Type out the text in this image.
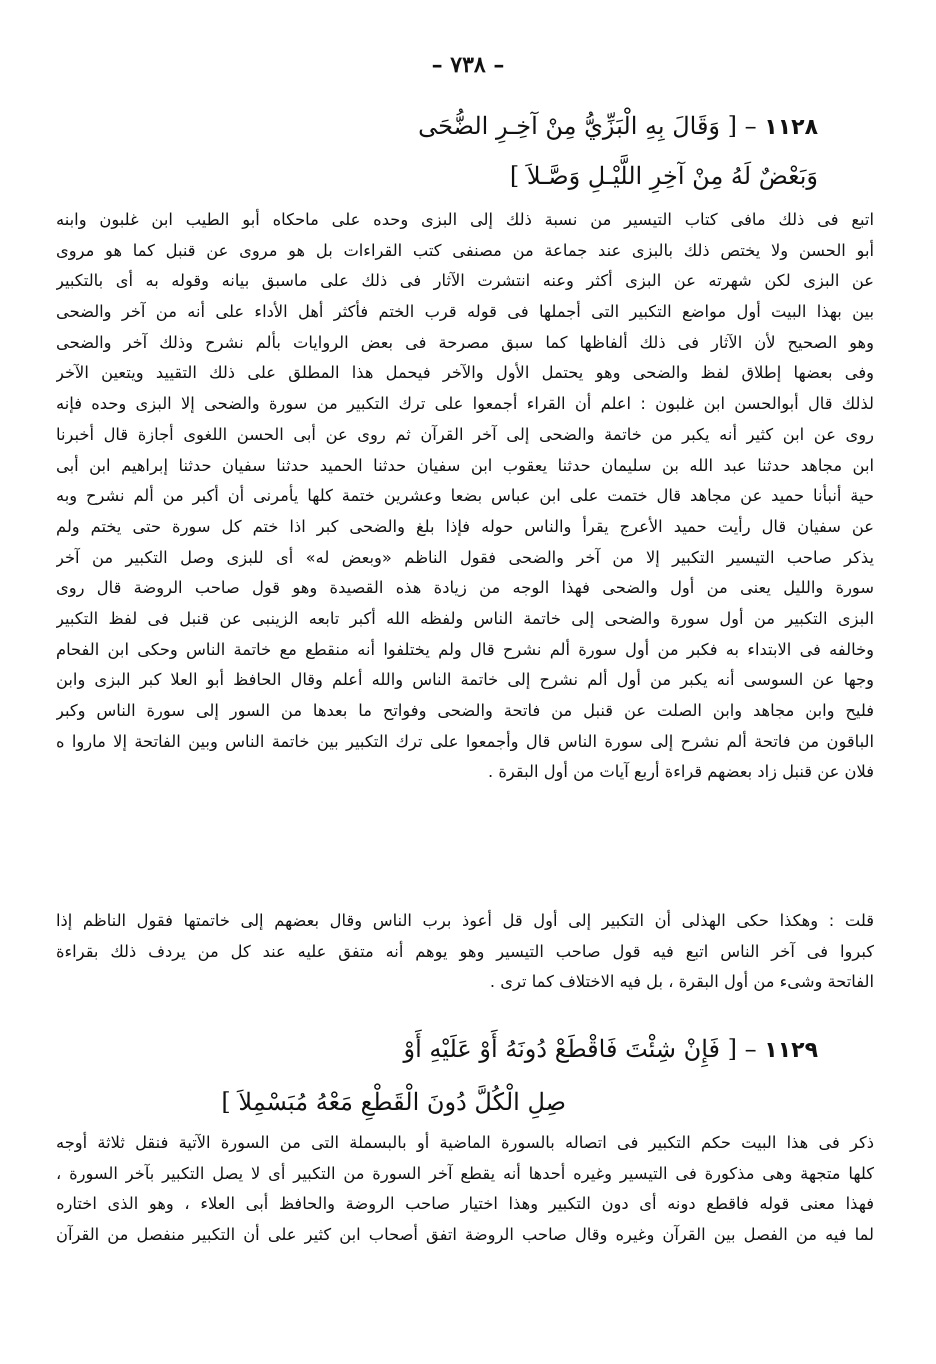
– ٧٣٨ –
١١٢٨ – [ وَقَالَ بِهِ الْبَزِّيُّ مِنْ آخِـرِ الضُّحَى
وَبَعْضٌ لَهُ مِنْ آخِرِ اللَّيْـلِ وَصَّـلاَ ]
اتبع فى ذلك مافى كتاب التيسير من نسبة ذلك إلى البزى وحده على ماحكاه أبو الطيب ابن غلبون وابنه
أبو الحسن ولا يختص ذلك بالبزى عند جماعة من مصنفى كتب القراءات بل هو مروى عن قنبل كما هو مروى
عن البزى لكن شهرته عن البزى أكثر وعنه انتشرت الآثار فى ذلك على ماسبق بيانه وقوله به أى بالتكبير
بين بهذا البيت أول مواضع التكبير التى أجملها فى قوله قرب الختم فأكثر أهل الأداء على أنه من آخر والضحى
وهو الصحيح لأن الآثار فى ذلك ألفاظها كما سبق مصرحة فى بعض الروايات بألم نشرح وذلك آخر والضحى
وفى بعضها إطلاق لفظ والضحى وهو يحتمل الأول والآخر فيحمل هذا المطلق على ذلك التقييد ويتعين الآخر
لذلك قال أبوالحسن ابن غلبون : اعلم أن القراء أجمعوا على ترك التكبير من سورة والضحى إلا البزى وحده فإنه
روى عن ابن كثير أنه يكبر من خاتمة والضحى إلى آخر القرآن ثم روى عن أبى الحسن اللغوى أجازة قال أخبرنا
ابن مجاهد حدثنا عبد الله بن سليمان حدثنا يعقوب ابن سفيان حدثنا الحميد حدثنا سفيان حدثنا إبراهيم ابن أبى
حية أنبأنا حميد عن مجاهد قال ختمت على ابن عباس بضعا وعشرين ختمة كلها يأمرنى أن أكبر من ألم نشرح وبه
عن سفيان قال رأيت حميد الأعرج يقرأ والناس حوله فإذا بلغ والضحى كبر اذا ختم كل سورة حتى يختم ولم
يذكر صاحب التيسير التكبير إلا من آخر والضحى فقول الناظم «وبعض له» أى للبزى وصل التكبير من آخر
سورة والليل يعنى من أول والضحى فهذا الوجه من زيادة هذه القصيدة وهو قول صاحب الروضة قال روى
البزى التكبير من أول سورة والضحى إلى خاتمة الناس ولفظه الله أكبر تابعه الزينبى عن قنبل فى لفظ التكبير
وخالفه فى الابتداء به فكبر من أول سورة ألم نشرح قال ولم يختلفوا أنه منقطع مع خاتمة الناس وحكى ابن الفحام
وجها عن السوسى أنه يكبر من أول ألم نشرح إلى خاتمة الناس والله أعلم وقال الحافظ أبو العلا كبر البزى وابن
فليح وابن مجاهد وابن الصلت عن قنبل من فاتحة والضحى وفواتح ما بعدها من السور إلى سورة الناس وكبر
الباقون من فاتحة ألم نشرح إلى سورة الناس قال وأجمعوا على ترك التكبير بين خاتمة الناس وبين الفاتحة إلا ماروا ه
فلان عن قنبل زاد بعضهم قراءة أربع آيات من أول البقرة .
قلت : وهكذا حكى الهذلى أن التكبير إلى أول قل أعوذ برب الناس وقال بعضهم إلى خاتمتها فقول الناظم إذا
كبروا فى آخر الناس اتبع فيه قول صاحب التيسير وهو يوهم أنه متفق عليه عند كل من يردف ذلك بقراءة
الفاتحة وشىء من أول البقرة ، بل فيه الاختلاف كما ترى .
١١٢٩ – [ فَإِنْ شِئْتَ فَاقْطَعْ دُونَهُ أَوْ عَلَيْهِ أَوْ
صِلِ الْكُلَّ دُونَ الْقَطْعِ مَعْهُ مُبَسْمِلاَ ]
ذكر فى هذا البيت حكم التكبير فى اتصاله بالسورة الماضية أو بالبسملة التى من السورة الآتية فنقل ثلاثة أوجه
كلها متجهة وهى مذكورة فى التيسير وغيره أحدها أنه يقطع آخر السورة من التكبير أى لا يصل التكبير بآخر السورة ،
فهذا معنى قوله فاقطع دونه أى دون التكبير وهذا اختيار صاحب الروضة والحافظ أبى العلاء ، وهو الذى اختاره
لما فيه من الفصل بين القرآن وغيره وقال صاحب الروضة اتفق أصحاب ابن كثير على أن التكبير منفصل من القرآن
